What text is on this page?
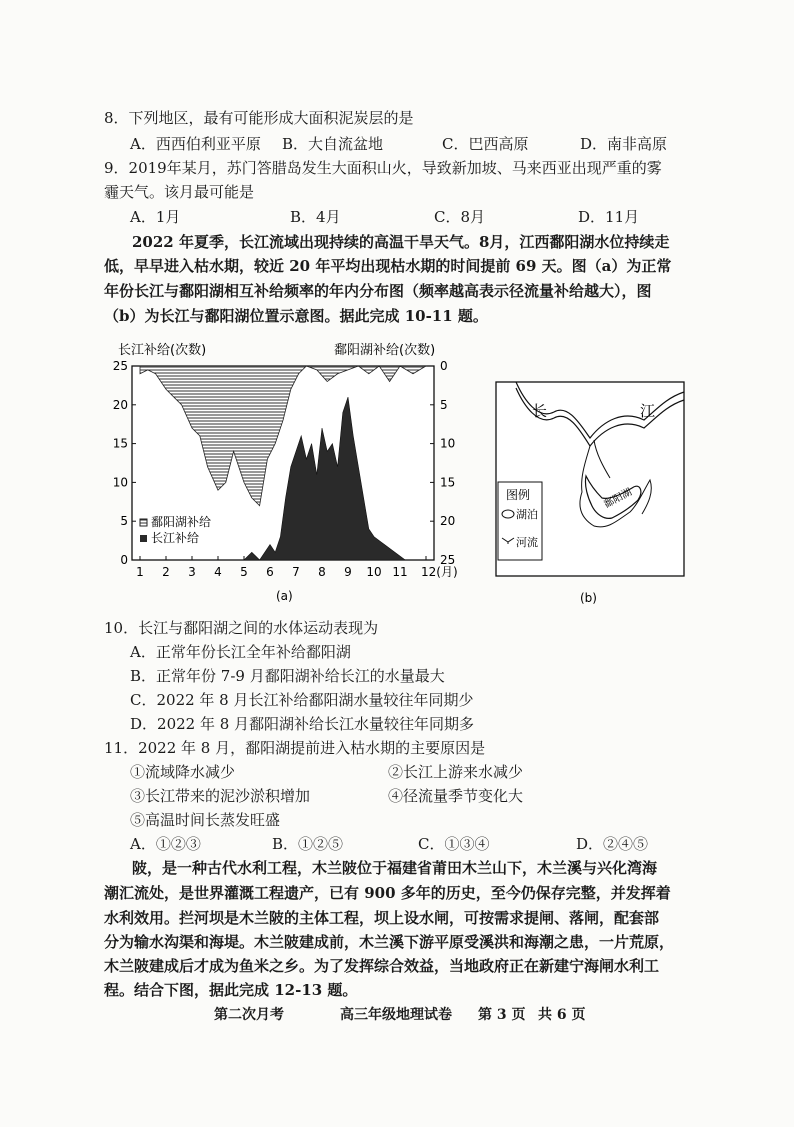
8．下列地区，最有可能形成大面积泥炭层的是
A．西西伯利亚平原 B．大自流盆地	C．巴西高原	D．南非高原
9．2019年某月，苏门答腊岛发生大面积山火，导致新加坡、马来西亚出现严重的雾
霾天气。该月最可能是
A．1月	B．4月	C．8月	D．11月
2022 年夏季，长江流域出现持续的高温干旱天气。8月，江西鄱阳湖水位持续走
低，早早进入枯水期，较近 20 年平均出现枯水期的时间提前 69 天。图（a）为正常
年份长江与鄱阳湖相互补给频率的年内分布图（频率越高表示径流量补给越大），图
（b）为长江与鄱阳湖位置示意图。据此完成 10-11 题。
25
20
15
10
5
0
0
5
10
15
20
25
1 2 3 4 5 6 7 8 9 10 11 12(月)
长江补给(次数)	鄱阳湖补给(次数)
鄱阳湖补给
长江补给
(a)
鄱阳湖
长	江
图例
湖泊
河流
(b)
10．长江与鄱阳湖之间的水体运动表现为
A．正常年份长江全年补给鄱阳湖
B．正常年份 7-9 月鄱阳湖补给长江的水量最大
C．2022 年 8 月长江补给鄱阳湖水量较往年同期少
D．2022 年 8 月鄱阳湖补给长江水量较往年同期多
11．2022 年 8 月，鄱阳湖提前进入枯水期的主要原因是
①流域降水减少	②长江上游来水减少
③长江带来的泥沙淤积增加	④径流量季节变化大
⑤高温时间长蒸发旺盛
A．①②③	B．①②⑤	C．①③④	D．②④⑤
陂，是一种古代水利工程，木兰陂位于福建省莆田木兰山下，木兰溪与兴化湾海
潮汇流处，是世界灌溉工程遗产，已有 900 多年的历史，至今仍保存完整，并发挥着
水利效用。拦河坝是木兰陂的主体工程，坝上设水闸，可按需求提闸、落闸，配套部
分为输水沟渠和海堤。木兰陂建成前，木兰溪下游平原受溪洪和海潮之患，一片荒原，
木兰陂建成后才成为鱼米之乡。为了发挥综合效益，当地政府正在新建宁海闸水利工
程。结合下图，据此完成 12-13 题。
第二次月考	高三年级地理试卷 第 3 页 共 6 页
